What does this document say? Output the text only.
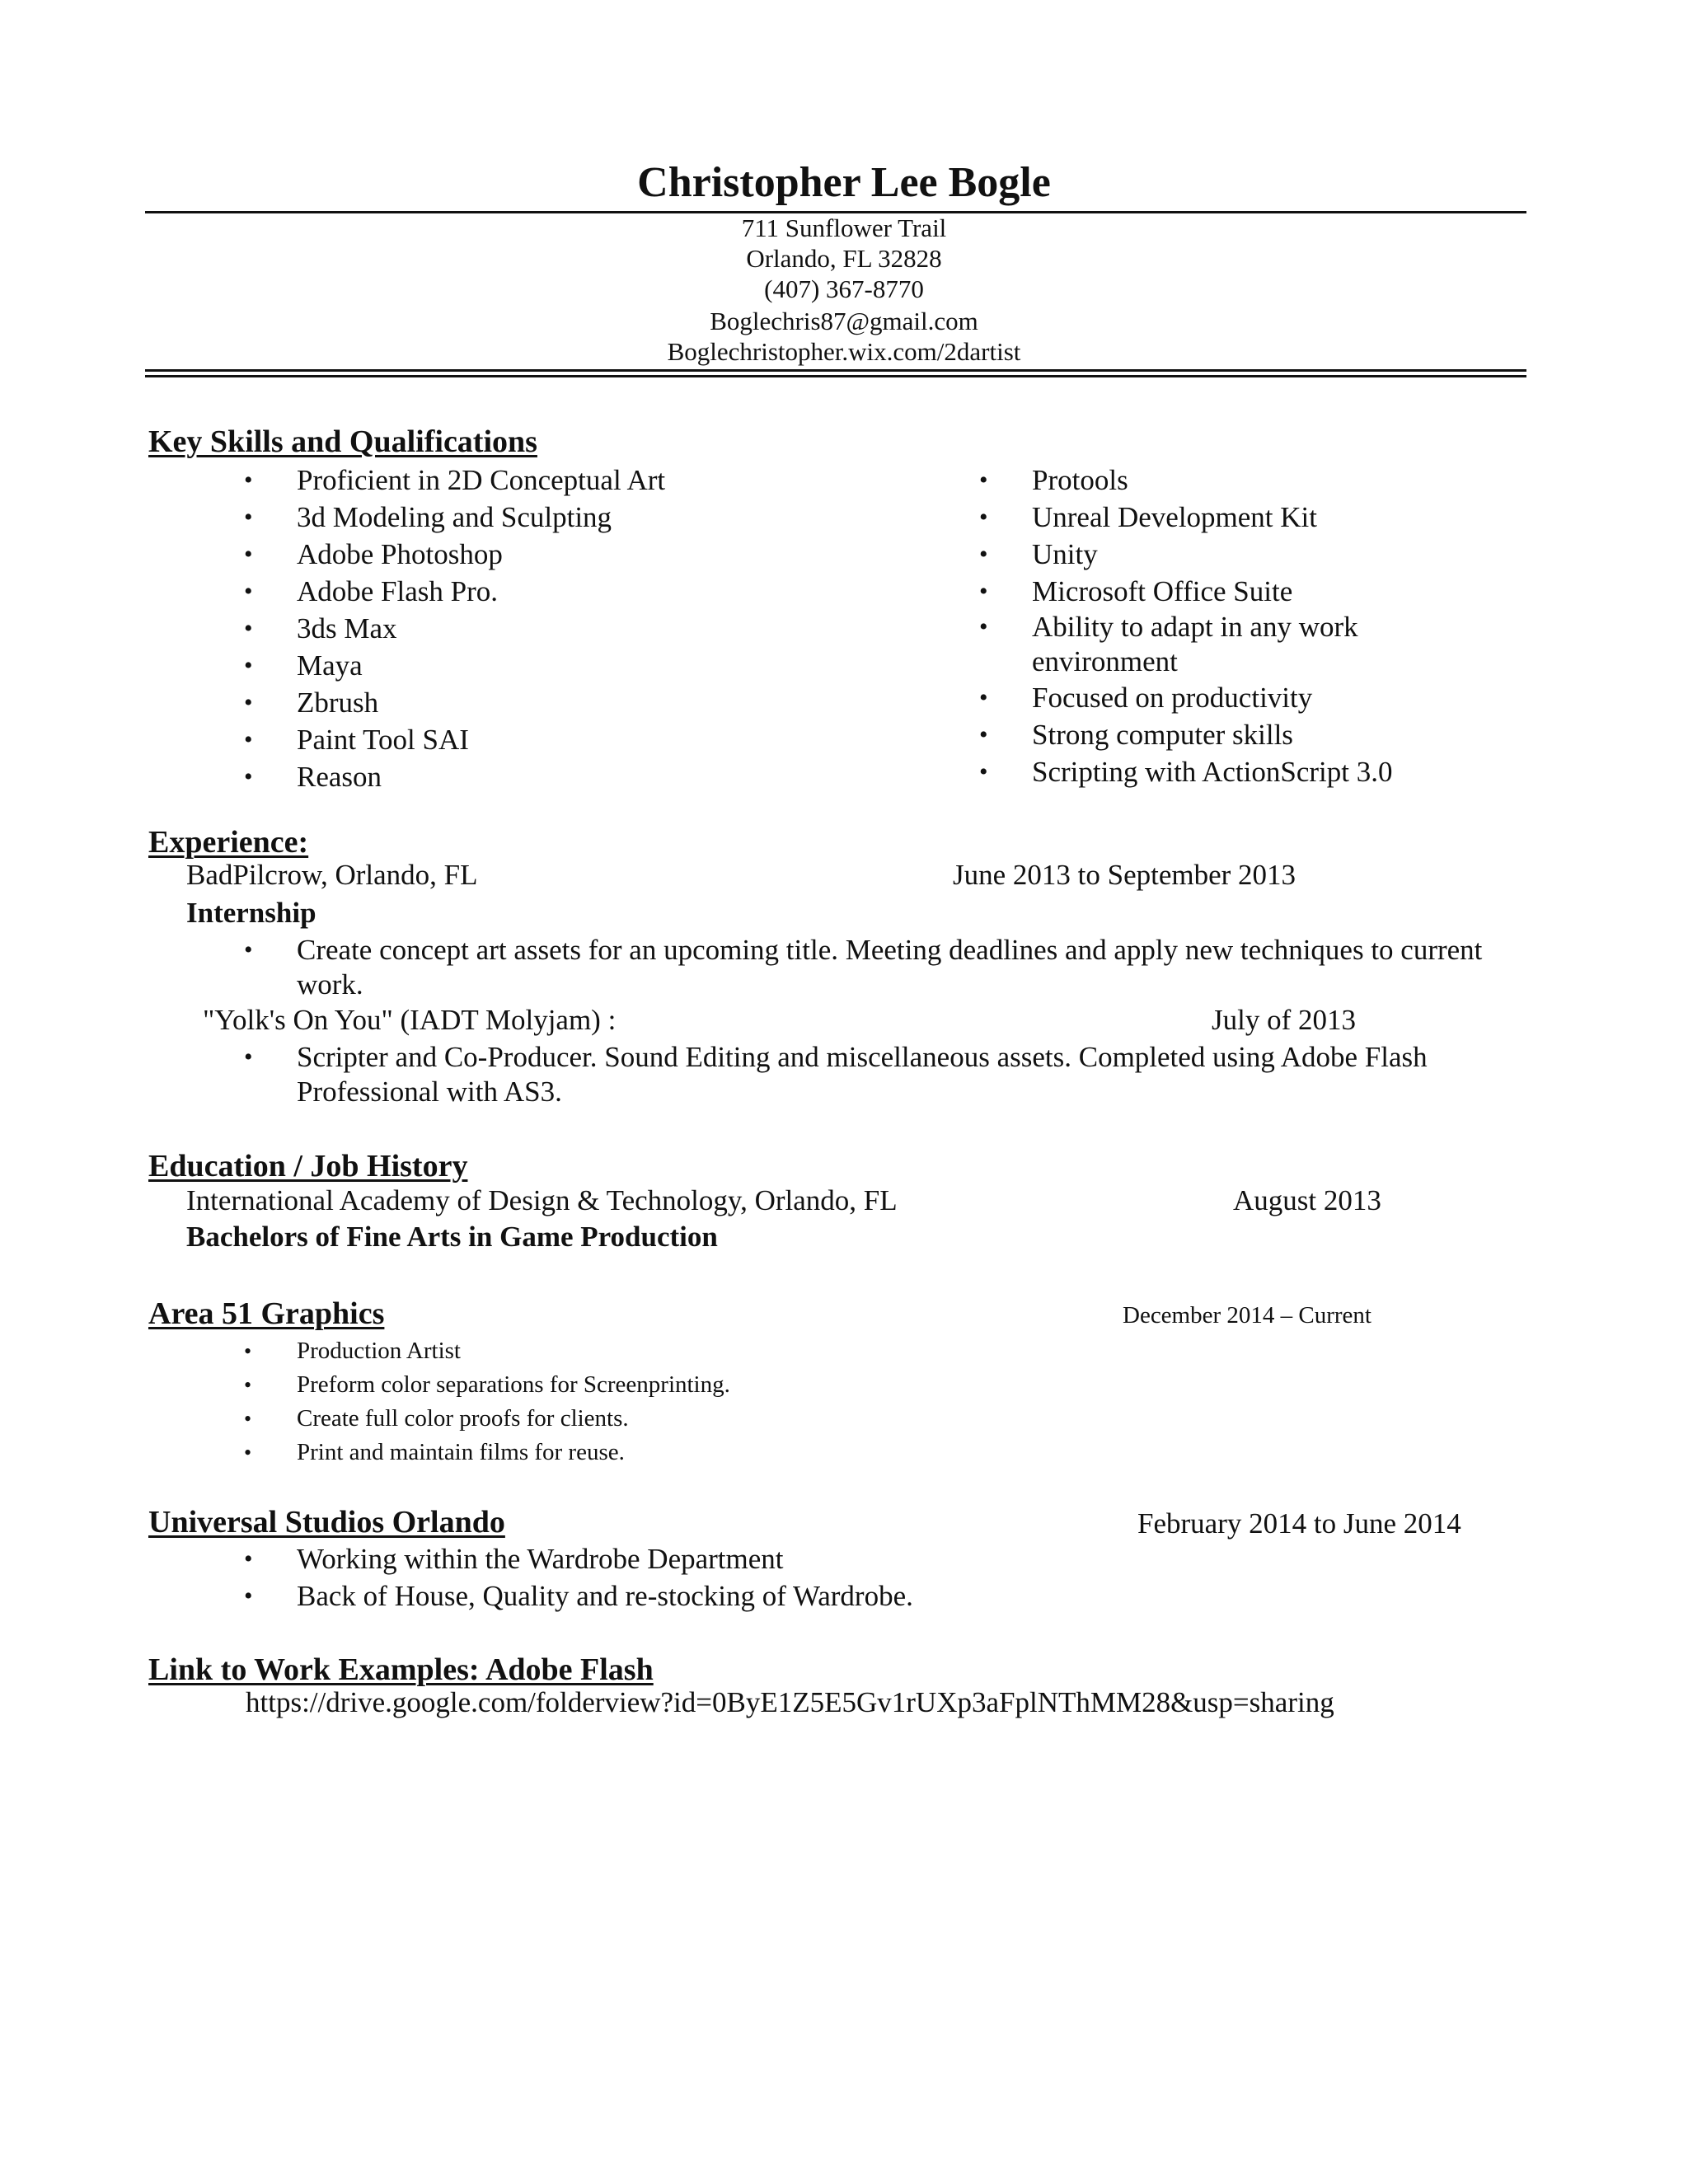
Christopher Lee Bogle
711 Sunflower Trail
Orlando, FL 32828
(407) 367-8770
Boglechris87@gmail.com
Boglechristopher.wix.com/2dartist
Key Skills and Qualifications
• Proficient in 2D Conceptual Art
• 3d Modeling and Sculpting
• Adobe Photoshop
• Adobe Flash Pro.
• 3ds Max
• Maya
• Zbrush
• Paint Tool SAI
• Reason
• Protools
• Unreal Development Kit
• Unity
• Microsoft Office Suite
• Ability to adapt in any work environment
• Focused on productivity
• Strong computer skills
• Scripting with ActionScript 3.0
Experience:
BadPilcrow, Orlando, FL	June 2013 to September 2013
Internship
• Create concept art assets for an upcoming title. Meeting deadlines and apply new techniques to current work.
"Yolk's On You" (IADT Molyjam) :	July of 2013
• Scripter and Co-Producer. Sound Editing and miscellaneous assets. Completed using Adobe Flash Professional with AS3.
Education / Job History
International Academy of Design & Technology, Orlando, FL	August 2013
Bachelors of Fine Arts in Game Production
Area 51 Graphics	December 2014 – Current
• Production Artist
• Preform color separations for Screenprinting.
• Create full color proofs for clients.
• Print and maintain films for reuse.
Universal Studios Orlando	February 2014 to June 2014
• Working within the Wardrobe Department
• Back of House, Quality and re-stocking of Wardrobe.
Link to Work Examples: Adobe Flash
https://drive.google.com/folderview?id=0ByE1Z5E5Gv1rUXp3aFplNThMM28&usp=sharing
